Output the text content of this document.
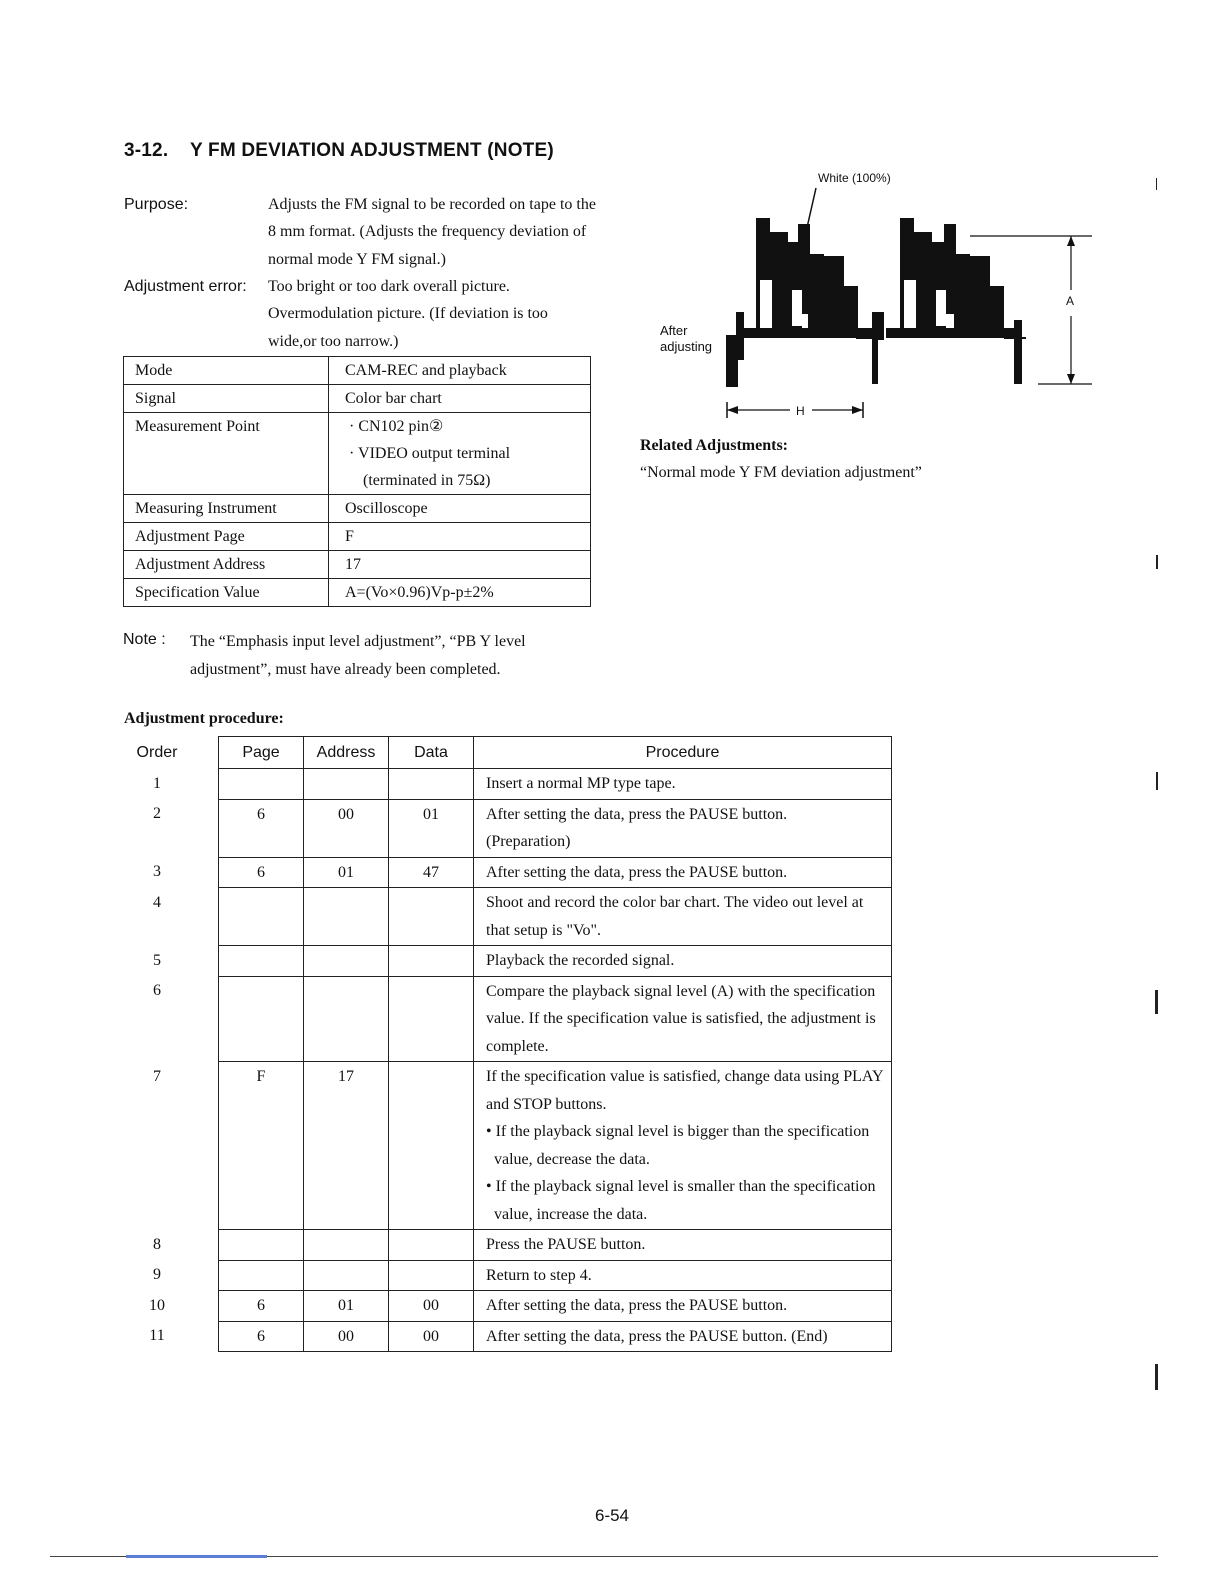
3-12. Y FM DEVIATION ADJUSTMENT (NOTE)
Purpose:	Adjusts the FM signal to be recorded on tape to the 8 mm format. (Adjusts the frequency deviation of normal mode Y FM signal.)
Adjustment error: Too bright or too dark overall picture. Overmodulation picture. (If deviation is too wide,or too narrow.)
Mode	CAM-REC and playback
Signal	Color bar chart
Measurement Point	· CN102 pin②
· VIDEO output terminal
(terminated in 75Ω)

Measuring Instrument	Oscilloscope
Adjustment Page	F
Adjustment Address	17
Specification Value	A=(Vo×0.96)Vp-p±2%
Note : The “Emphasis input level adjustment”, “PB Y level adjustment”, must have already been completed.
White (100%)
After
adjusting
A
H
Related Adjustments:
“Normal mode Y FM deviation adjustment”
Adjustment procedure:
Order		Page	Address	Data	Procedure
1					Insert a normal MP type tape.

2		6	00	01	After setting the data, press the PAUSE button.
(Preparation)

3		6	01	47	After setting the data, press the PAUSE button.

4					Shoot and record the color bar chart. The video out level at that setup is "Vo".

5					Playback the recorded signal.

6					Compare the playback signal level (A) with the specification value. If the specification value is satisfied, the adjustment is complete.

7		F	17		If the specification value is satisfied, change data using PLAY and STOP buttons.
• If the playback signal level is bigger than the specification value, decrease the data.
• If the playback signal level is smaller than the specification value, increase the data.

8					Press the PAUSE button.

9					Return to step 4.

10		6	01	00	After setting the data, press the PAUSE button.

11		6	00	00	After setting the data, press the PAUSE button. (End)
6-54
